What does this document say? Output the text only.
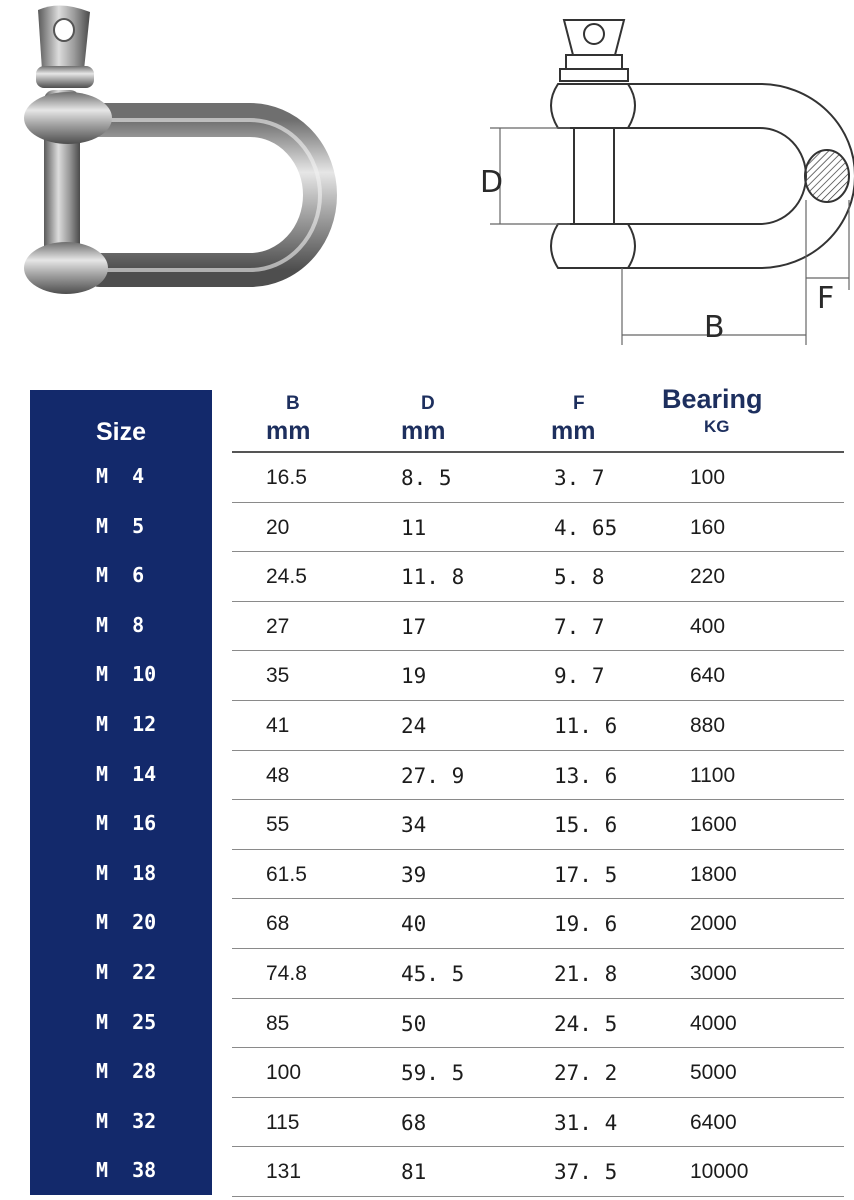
D
B
F
Size
B
mm
D
mm
F
mm
Bearing
KG
M  4	16.5	8. 5	3. 7	100
M  5	20	11	4. 65	160
M  6	24.5	11. 8	5. 8	220
M  8	27	17	7. 7	400
M  10	35	19	9. 7	640
M  12	41	24	11. 6	880
M  14	48	27. 9	13. 6	1100
M  16	55	34	15. 6	1600
M  18	61.5	39	17. 5	1800
M  20	68	40	19. 6	2000
M  22	74.8	45. 5	21. 8	3000
M  25	85	50	24. 5	4000
M  28	100	59. 5	27. 2	5000
M  32	115	68	31. 4	6400
M  38	131	81	37. 5	10000
